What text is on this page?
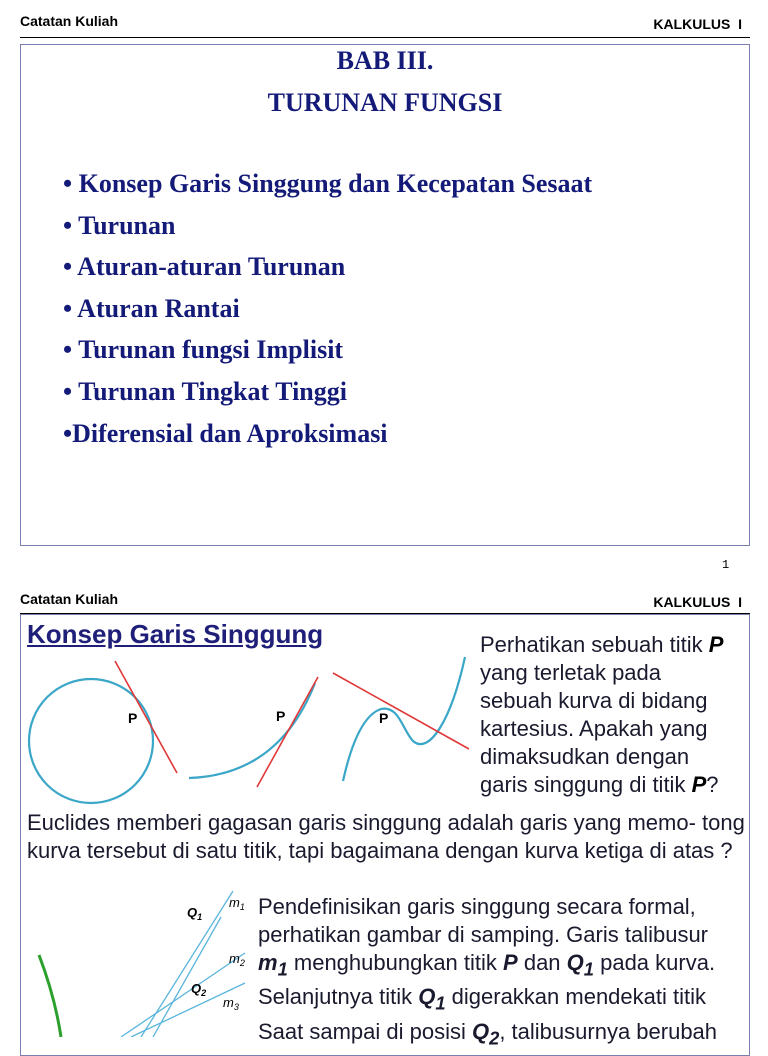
Catatan Kuliah	KALKULUS  I
BAB III.
TURUNAN FUNGSI
• Konsep Garis Singgung dan Kecepatan Sesaat
• Turunan
• Aturan-aturan Turunan
• Aturan Rantai
• Turunan fungsi Implisit
• Turunan Tingkat Tinggi
•Diferensial dan Aproksimasi
1
Catatan Kuliah	KALKULUS  I
Konsep Garis Singgung
P	P	P
Perhatikan sebuah titik P
yang terletak pada
sebuah kurva di bidang
kartesius. Apakah yang
dimaksudkan dengan
garis singgung di titik P?
Euclides memberi gagasan garis singgung adalah garis yang memo- tong kurva tersebut di satu titik, tapi bagaimana dengan kurva ketiga di atas ?
$Q_1$
$m_1$
$m_2$
$Q_2$
$m_3$
Pendefinisikan garis singgung secara formal,
perhatikan gambar di samping. Garis talibusur
$m_1$ menghubungkan titik P dan $Q_1$ pada kurva.
Selanjutnya titik $Q_1$ digerakkan mendekati titik
Saat sampai di posisi $Q_2$, talibusurnya berubah
